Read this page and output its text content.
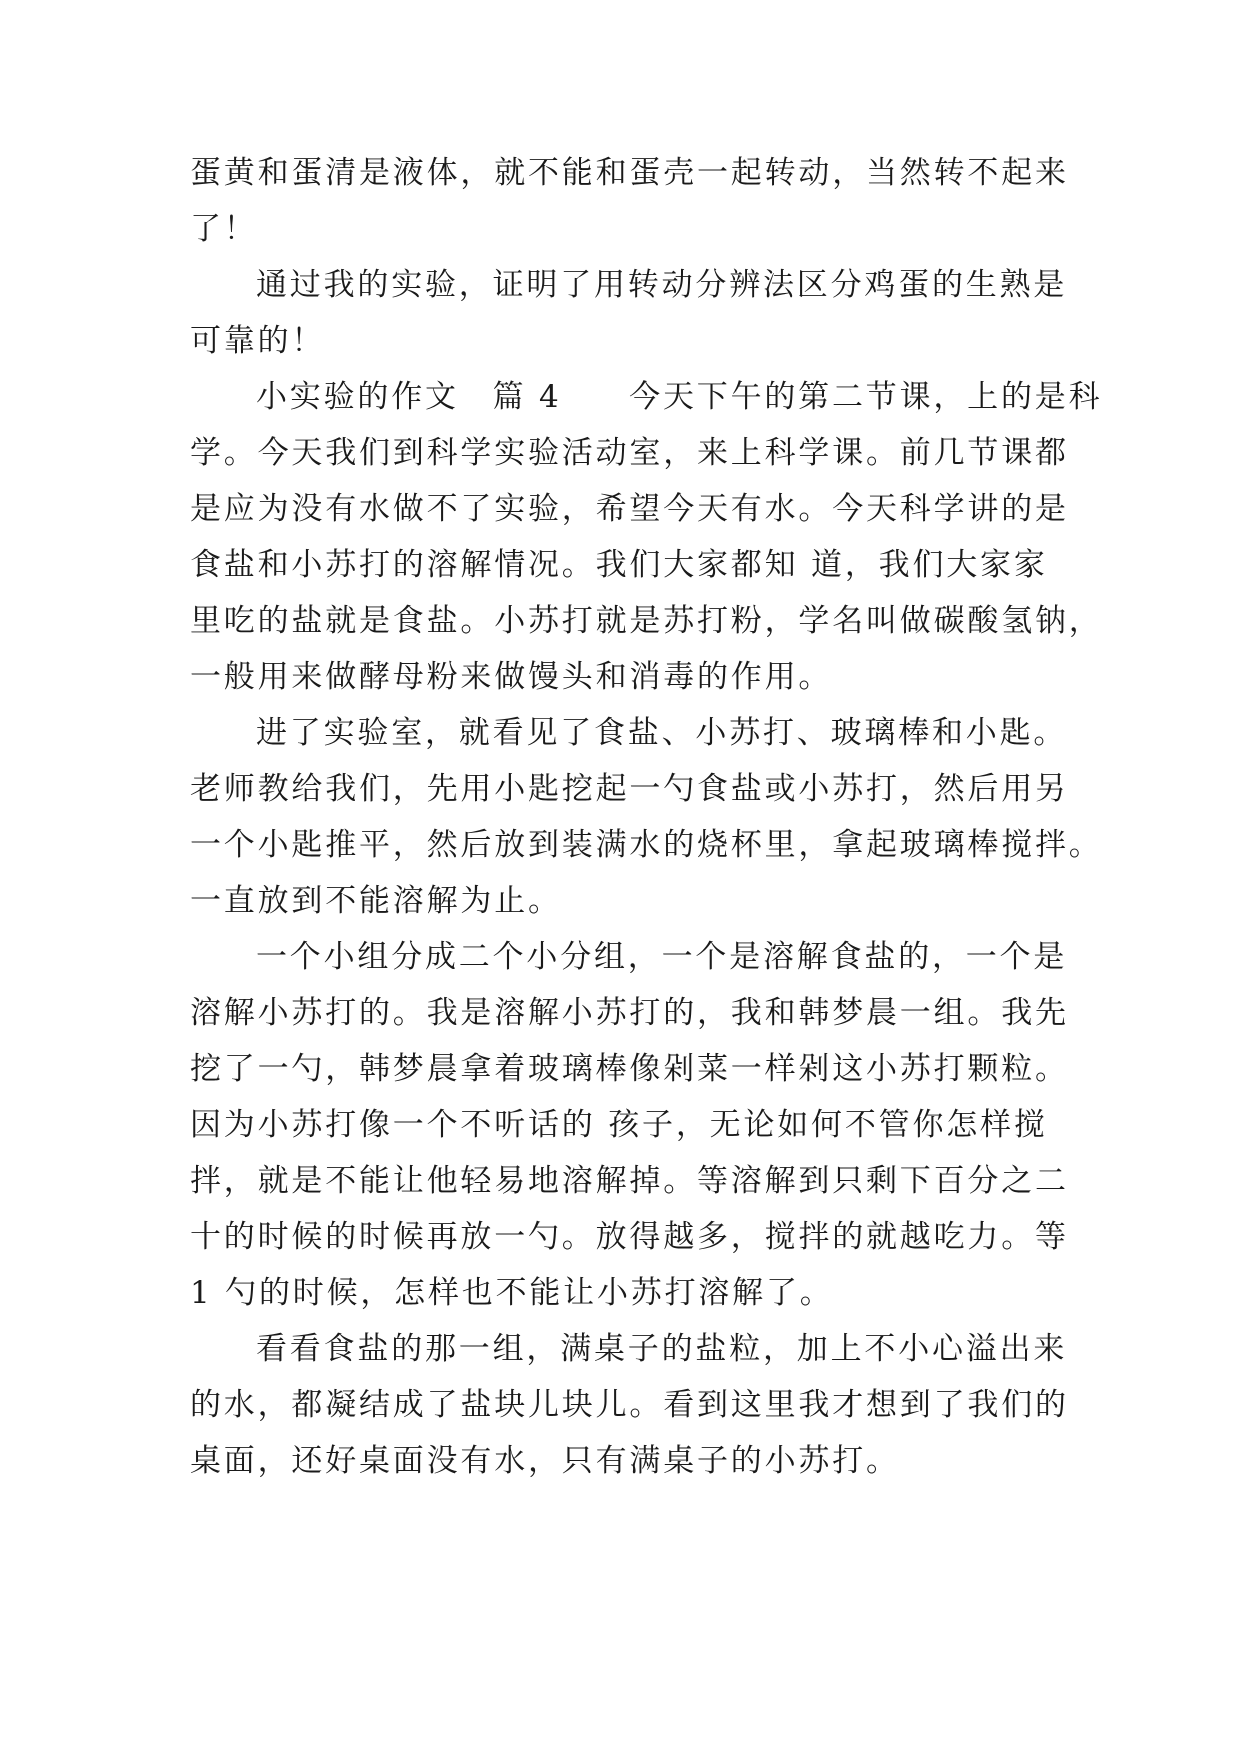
蛋黄和蛋清是液体，就不能和蛋壳一起转动，当然转不起来
了！

通过我的实验，证明了用转动分辨法区分鸡蛋的生熟是
可靠的！

小实验的作文　篇 4　　今天下午的第二节课，上的是科
学。今天我们到科学实验活动室，来上科学课。前几节课都
是应为没有水做不了实验，希望今天有水。今天科学讲的是
食盐和小苏打的溶解情况。我们大家都知 道，我们大家家
里吃的盐就是食盐。小苏打就是苏打粉，学名叫做碳酸氢钠，
一般用来做酵母粉来做馒头和消毒的作用。

进了实验室，就看见了食盐、小苏打、玻璃棒和小匙。
老师教给我们，先用小匙挖起一勺食盐或小苏打，然后用另
一个小匙推平，然后放到装满水的烧杯里，拿起玻璃棒搅拌。
一直放到不能溶解为止。

一个小组分成二个小分组，一个是溶解食盐的，一个是
溶解小苏打的。我是溶解小苏打的，我和韩梦晨一组。我先
挖了一勺，韩梦晨拿着玻璃棒像剁菜一样剁这小苏打颗粒。
因为小苏打像一个不听话的 孩子，无论如何不管你怎样搅
拌，就是不能让他轻易地溶解掉。等溶解到只剩下百分之二
十的时候的时候再放一勺。放得越多，搅拌的就越吃力。等
1 勺的时候，怎样也不能让小苏打溶解了。

看看食盐的那一组，满桌子的盐粒，加上不小心溢出来
的水，都凝结成了盐块儿块儿。看到这里我才想到了我们的
桌面，还好桌面没有水，只有满桌子的小苏打。
